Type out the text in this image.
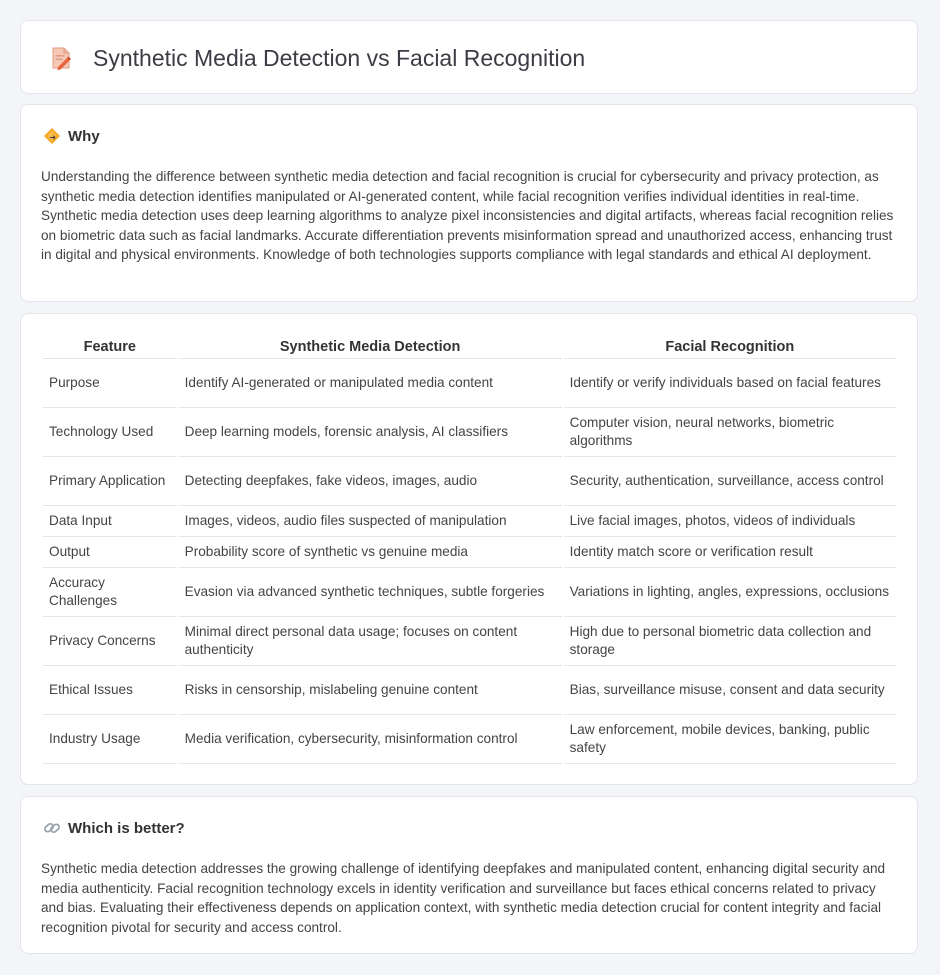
Synthetic Media Detection vs Facial Recognition
Why

Understanding the difference between synthetic media detection and facial recognition is crucial for cybersecurity and privacy protection, as synthetic media detection identifies manipulated or AI-generated content, while facial recognition verifies individual identities in real-time. Synthetic media detection uses deep learning algorithms to analyze pixel inconsistencies and digital artifacts, whereas facial recognition relies on biometric data such as facial landmarks. Accurate differentiation prevents misinformation spread and unauthorized access, enhancing trust in digital and physical environments. Knowledge of both technologies supports compliance with legal standards and ethical AI deployment.

Feature	Synthetic Media Detection	Facial Recognition
Purpose	Identify AI-generated or manipulated media content	Identify or verify individuals based on facial features
Technology Used	Deep learning models, forensic analysis, AI classifiers	Computer vision, neural networks, biometric algorithms
Primary Application	Detecting deepfakes, fake videos, images, audio	Security, authentication, surveillance, access control
Data Input	Images, videos, audio files suspected of manipulation	Live facial images, photos, videos of individuals
Output	Probability score of synthetic vs genuine media	Identity match score or verification result
Accuracy Challenges	Evasion via advanced synthetic techniques, subtle forgeries	Variations in lighting, angles, expressions, occlusions
Privacy Concerns	Minimal direct personal data usage; focuses on content authenticity	High due to personal biometric data collection and storage
Ethical Issues	Risks in censorship, mislabeling genuine content	Bias, surveillance misuse, consent and data security
Industry Usage	Media verification, cybersecurity, misinformation control	Law enforcement, mobile devices, banking, public safety
Which is better?

Synthetic media detection addresses the growing challenge of identifying deepfakes and manipulated content, enhancing digital security and media authenticity. Facial recognition technology excels in identity verification and surveillance but faces ethical concerns related to privacy and bias. Evaluating their effectiveness depends on application context, with synthetic media detection crucial for content integrity and facial recognition pivotal for security and access control.
